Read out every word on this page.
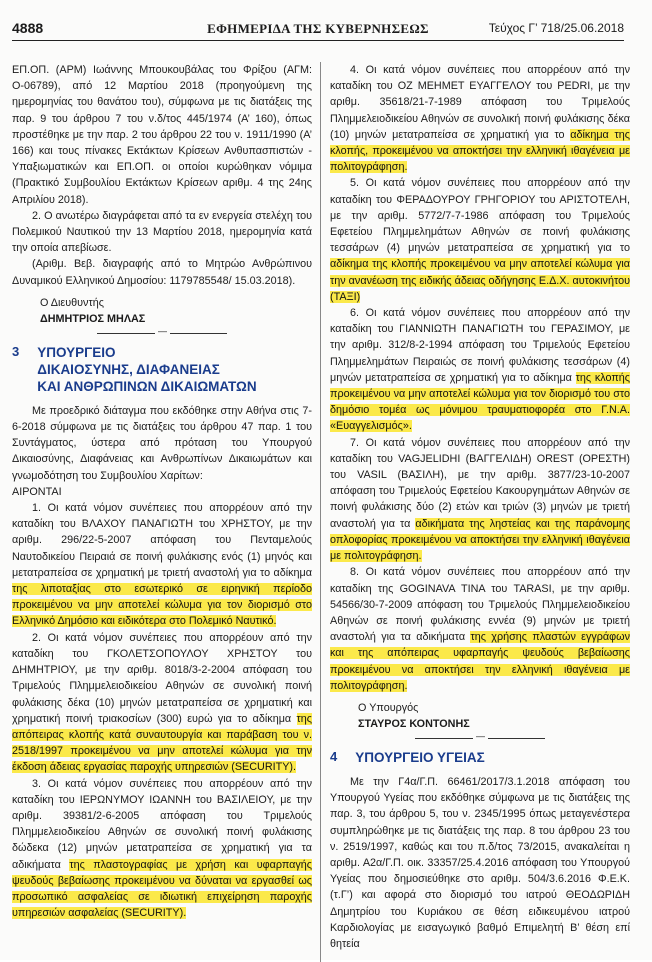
4888	ΕΦΗΜΕΡΙΔΑ ΤΗΣ ΚΥΒΕΡΝΗΣΕΩΣ	Τεύχος Γ’ 718/25.06.2018

ΕΠ.ΟΠ. (ΑΡΜ) Ιωάννης Μπουκουβάλας του Φρίξου (ΑΓΜ: Ο-06789), από 12 Μαρτίου 2018 (προηγούμενη της ημερομηνίας του θανάτου του), σύμφωνα με τις διατάξεις της παρ. 9 του άρθρου 7 του ν.δ/τος 445/1974 (Α’ 160), όπως προστέθηκε με την παρ. 2 του άρθρου 22 του ν. 1911/1990 (Α’ 166) και τους πίνακες Εκτάκτων Κρίσεων Ανθυπασπιστών - Υπαξιωματικών και ΕΠ.ΟΠ. οι οποίοι κυρώθηκαν νόμιμα (Πρακτικό Συμβουλίου Εκτάκτων Κρίσεων αριθμ. 4 της 24ης Απριλίου 2018).

2. Ο ανωτέρω διαγράφεται από τα εν ενεργεία στελέχη του Πολεμικού Ναυτικού την 13 Μαρτίου 2018, ημερομηνία κατά την οποία απεβίωσε.

(Αριθμ. Βεβ. διαγραφής από το Μητρώο Ανθρώπινου Δυναμικού Ελληνικού Δημοσίου: 1179785548/ 15.03.2018).

Ο Διευθυντής
ΔΗΜΗΤΡΙΟΣ ΜΗΛΑΣ
—
3 ΥΠΟΥΡΓΕΙΟ
ΔΙΚΑΙΟΣΥΝΗΣ, ΔΙΑΦΑΝΕΙΑΣ
ΚΑΙ ΑΝΘΡΩΠΙΝΩΝ ΔΙΚΑΙΩΜΑΤΩΝ

Με προεδρικό διάταγμα που εκδόθηκε στην Αθήνα στις 7-6-2018 σύμφωνα με τις διατάξεις του άρθρου 47 παρ. 1 του Συντάγματος, ύστερα από πρόταση του Υπουργού Δικαιοσύνης, Διαφάνειας και Ανθρωπίνων Δικαιωμάτων και γνωμοδότηση του Συμβουλίου Χαρίτων:

ΑΙΡΟΝΤΑΙ

1. Οι κατά νόμον συνέπειες που απορρέουν από την καταδίκη του ΒΛΑΧΟΥ ΠΑΝΑΓΙΩΤΗ του ΧΡΗΣΤΟΥ, με την αριθμ. 296/22-5-2007 απόφαση του Πενταμελούς Ναυτοδικείου Πειραιά σε ποινή φυλάκισης ενός (1) μηνός και μετατραπείσα σε χρηματική με τριετή αναστολή για το αδίκημα της λιποταξίας στο εσωτερικό σε ειρηνική περίοδο προκειμένου να μην αποτελεί κώλυμα για τον διορισμό στο Ελληνικό Δημόσιο και ειδικότερα στο Πολεμικό Ναυτικό.

2. Οι κατά νόμον συνέπειες που απορρέουν από την καταδίκη του ΓΚΟΛΕΤΣΟΠΟΥΛΟΥ ΧΡΗΣΤΟΥ του ΔΗΜΗΤΡΙΟΥ, με την αριθμ. 8018/3-2-2004 απόφαση του Τριμελούς Πλημμελειοδικείου Αθηνών σε συνολική ποινή φυλάκισης δέκα (10) μηνών μετατραπείσα σε χρηματική και χρηματική ποινή τριακοσίων (300) ευρώ για το αδίκημα της απόπειρας κλοπής κατά συναυτουργία και παράβαση του ν. 2518/1997 προκειμένου να μην αποτελεί κώλυμα για την έκδοση άδειας εργασίας παροχής υπηρεσιών (SECURITY).

3. Οι κατά νόμον συνέπειες που απορρέουν από την καταδίκη του ΙΕΡΩΝΥΜΟΥ ΙΩΑΝΝΗ του ΒΑΣΙΛΕΙΟΥ, με την αριθμ. 39381/2-6-2005 απόφαση του Τριμελούς Πλημμελειοδικείου Αθηνών σε συνολική ποινή φυλάκισης δώδεκα (12) μηνών μετατραπείσα σε χρηματική για τα αδικήματα της πλαστογραφίας με χρήση και υφαρπαγής ψευδούς βεβαίωσης προκειμένου να δύναται να εργασθεί ως προσωπικό ασφαλείας σε ιδιωτική επιχείρηση παροχής υπηρεσιών ασφαλείας (SECURITY).

4. Οι κατά νόμον συνέπειες που απορρέουν από την καταδίκη του ΟΖ ΜΕΗΜΕΤ ΕΥΑΓΓΕΛΟΥ του PEDRI, με την αριθμ. 35618/21-7-1989 απόφαση του Τριμελούς Πλημμελειοδικείου Αθηνών σε συνολική ποινή φυλάκισης δέκα (10) μηνών μετατραπείσα σε χρηματική για το αδίκημα της κλοπής, προκειμένου να αποκτήσει την ελληνική ιθαγένεια με πολιτογράφηση.

5. Οι κατά νόμον συνέπειες που απορρέουν από την καταδίκη του ΦΕΡΑΔΟΥΡΟΥ ΓΡΗΓΟΡΙΟΥ του ΑΡΙΣΤΟΤΕΛΗ, με την αριθμ. 5772/7-7-1986 απόφαση του Τριμελούς Εφετείου Πλημμελημάτων Αθηνών σε ποινή φυλάκισης τεσσάρων (4) μηνών μετατραπείσα σε χρηματική για το αδίκημα της κλοπής προκειμένου να μην αποτελεί κώλυμα για την ανανέωση της ειδικής άδειας οδήγησης Ε.Δ.Χ. αυτοκινήτου (ΤΑΞΙ)

6. Οι κατά νόμον συνέπειες που απορρέουν από την καταδίκη του ΓΙΑΝΝΙΩΤΗ ΠΑΝΑΓΙΩΤΗ του ΓΕΡΑΣΙΜΟΥ, με την αριθμ. 312/8-2-1994 απόφαση του Τριμελούς Εφετείου Πλημμελημάτων Πειραιώς σε ποινή φυλάκισης τεσσάρων (4) μηνών μετατραπείσα σε χρηματική για το αδίκημα της κλοπής προκειμένου να μην αποτελεί κώλυμα για τον διορισμό του στο δημόσιο τομέα ως μόνιμου τραυματιοφορέα στο Γ.Ν.Α. «Ευαγγελισμός».

7. Οι κατά νόμον συνέπειες που απορρέουν από την καταδίκη του VAGJELIDHI (ΒΑΓΓΕΛΙΔΗ) OREST (ΟΡΕΣΤΗ) του VASIL (ΒΑΣΙΛΗ), με την αριθμ. 3877/23-10-2007 απόφαση του Τριμελούς Εφετείου Κακουργημάτων Αθηνών σε ποινή φυλάκισης δύο (2) ετών και τριών (3) μηνών με τριετή αναστολή για τα αδικήματα της ληστείας και της παράνομης οπλοφορίας προκειμένου να αποκτήσει την ελληνική ιθαγένεια με πολιτογράφηση.

8. Οι κατά νόμον συνέπειες που απορρέουν από την καταδίκη της GOGINAVA TINA του TARASI, με την αριθμ. 54566/30-7-2009 απόφαση του Τριμελούς Πλημμελειοδικείου Αθηνών σε ποινή φυλάκισης εννέα (9) μηνών με τριετή αναστολή για τα αδικήματα της χρήσης πλαστών εγγράφων και της απόπειρας υφαρπαγής ψευδούς βεβαίωσης προκειμένου να αποκτήσει την ελληνική ιθαγένεια με πολιτογράφηση.

Ο Υπουργός
ΣΤΑΥΡΟΣ ΚΟΝΤΟΝΗΣ
—
4 ΥΠΟΥΡΓΕΙΟ ΥΓΕΙΑΣ

Με την Γ4α/Γ.Π. 66461/2017/3.1.2018 απόφαση του Υπουργού Υγείας που εκδόθηκε σύμφωνα με τις διατάξεις της παρ. 3, του άρθρου 5, του ν. 2345/1995 όπως μεταγενέστερα συμπληρώθηκε με τις διατάξεις της παρ. 8 του άρθρου 23 του ν. 2519/1997, καθώς και του π.δ/τος 73/2015, ανακαλείται η αριθμ. Α2α/Γ.Π. οικ. 33357/25.4.2016 απόφαση του Υπουργού Υγείας που δημοσιεύθηκε στο αριθμ. 504/3.6.2016 Φ.Ε.Κ. (τ.Γ’) και αφορά στο διορισμό του ιατρού ΘΕΟΔΩΡΙΔΗ Δημητρίου του Κυριάκου σε θέση ειδικευμένου ιατρού Καρδιολογίας με εισαγωγικό βαθμό Επιμελητή Β’ θέση επί θητεία
